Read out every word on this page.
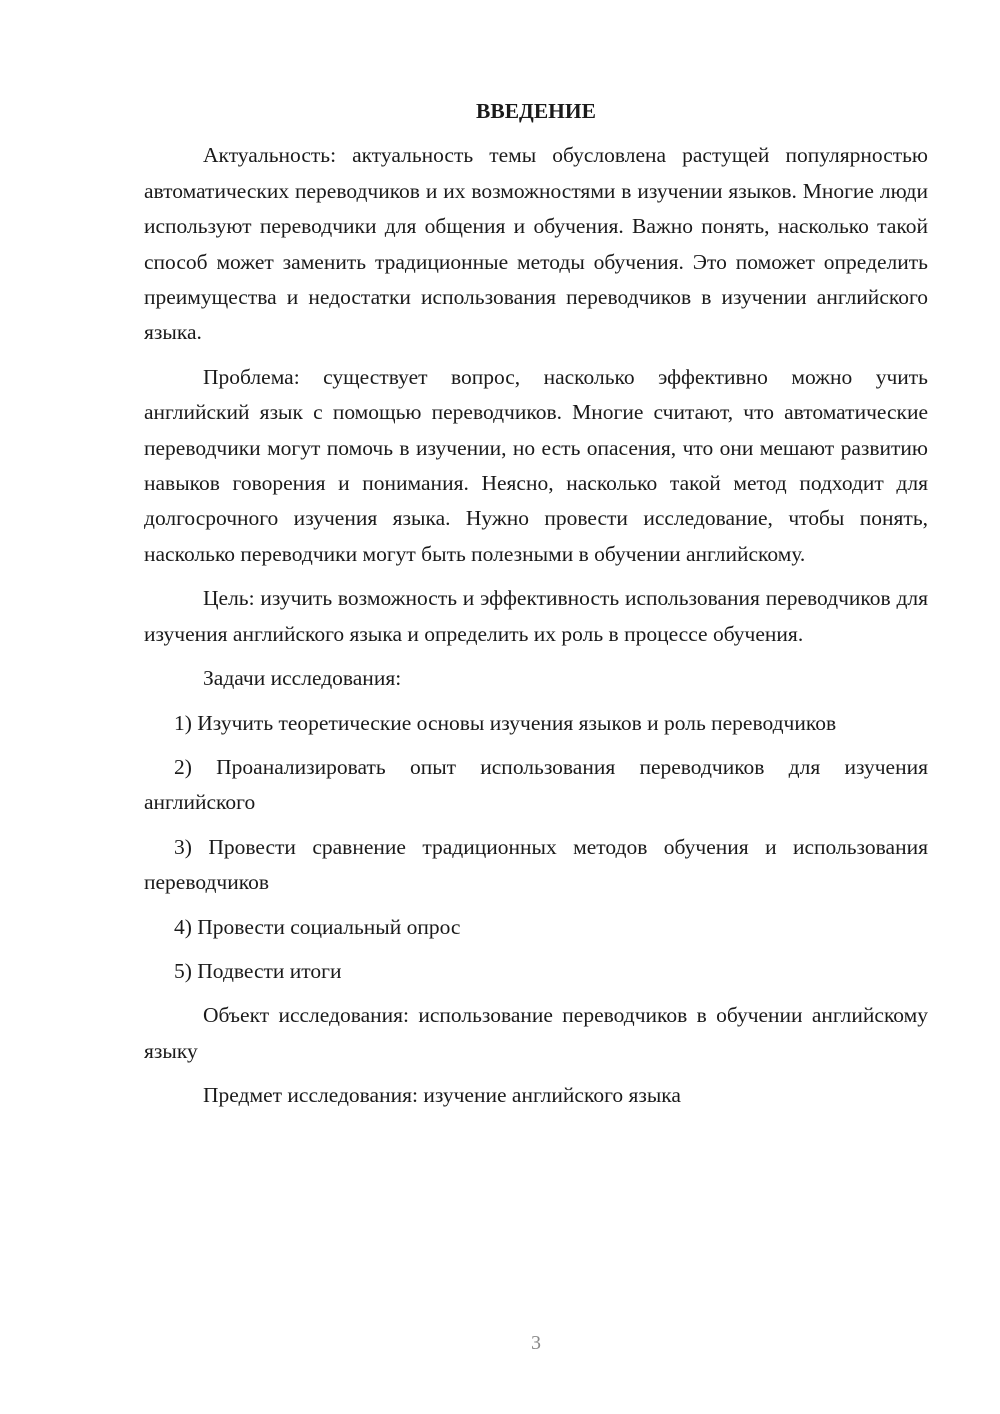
ВВЕДЕНИЕ

Актуальность: актуальность темы обусловлена растущей популярностью автоматических переводчиков и их возможностями в изучении языков. Многие люди используют переводчики для общения и обучения. Важно понять, насколько такой способ может заменить традиционные методы обучения. Это поможет определить преимущества и недостатки использования переводчиков в изучении английского языка.

Проблема: существует вопрос, насколько эффективно можно учить английский язык с помощью переводчиков. Многие считают, что автоматические переводчики могут помочь в изучении, но есть опасения, что они мешают развитию навыков говорения и понимания. Неясно, насколько такой метод подходит для долгосрочного изучения языка. Нужно провести исследование, чтобы понять, насколько переводчики могут быть полезными в обучении английскому.

Цель: изучить возможность и эффективность использования переводчиков для изучения английского языка и определить их роль в процессе обучения.

Задачи исследования:

1) Изучить теоретические основы изучения языков и роль переводчиков

2) Проанализировать опыт использования переводчиков для изучения английского

3) Провести сравнение традиционных методов обучения и использования переводчиков

4) Провести социальный опрос

5) Подвести итоги

Объект исследования: использование переводчиков в обучении английскому языку

Предмет исследования: изучение английского языка

3
